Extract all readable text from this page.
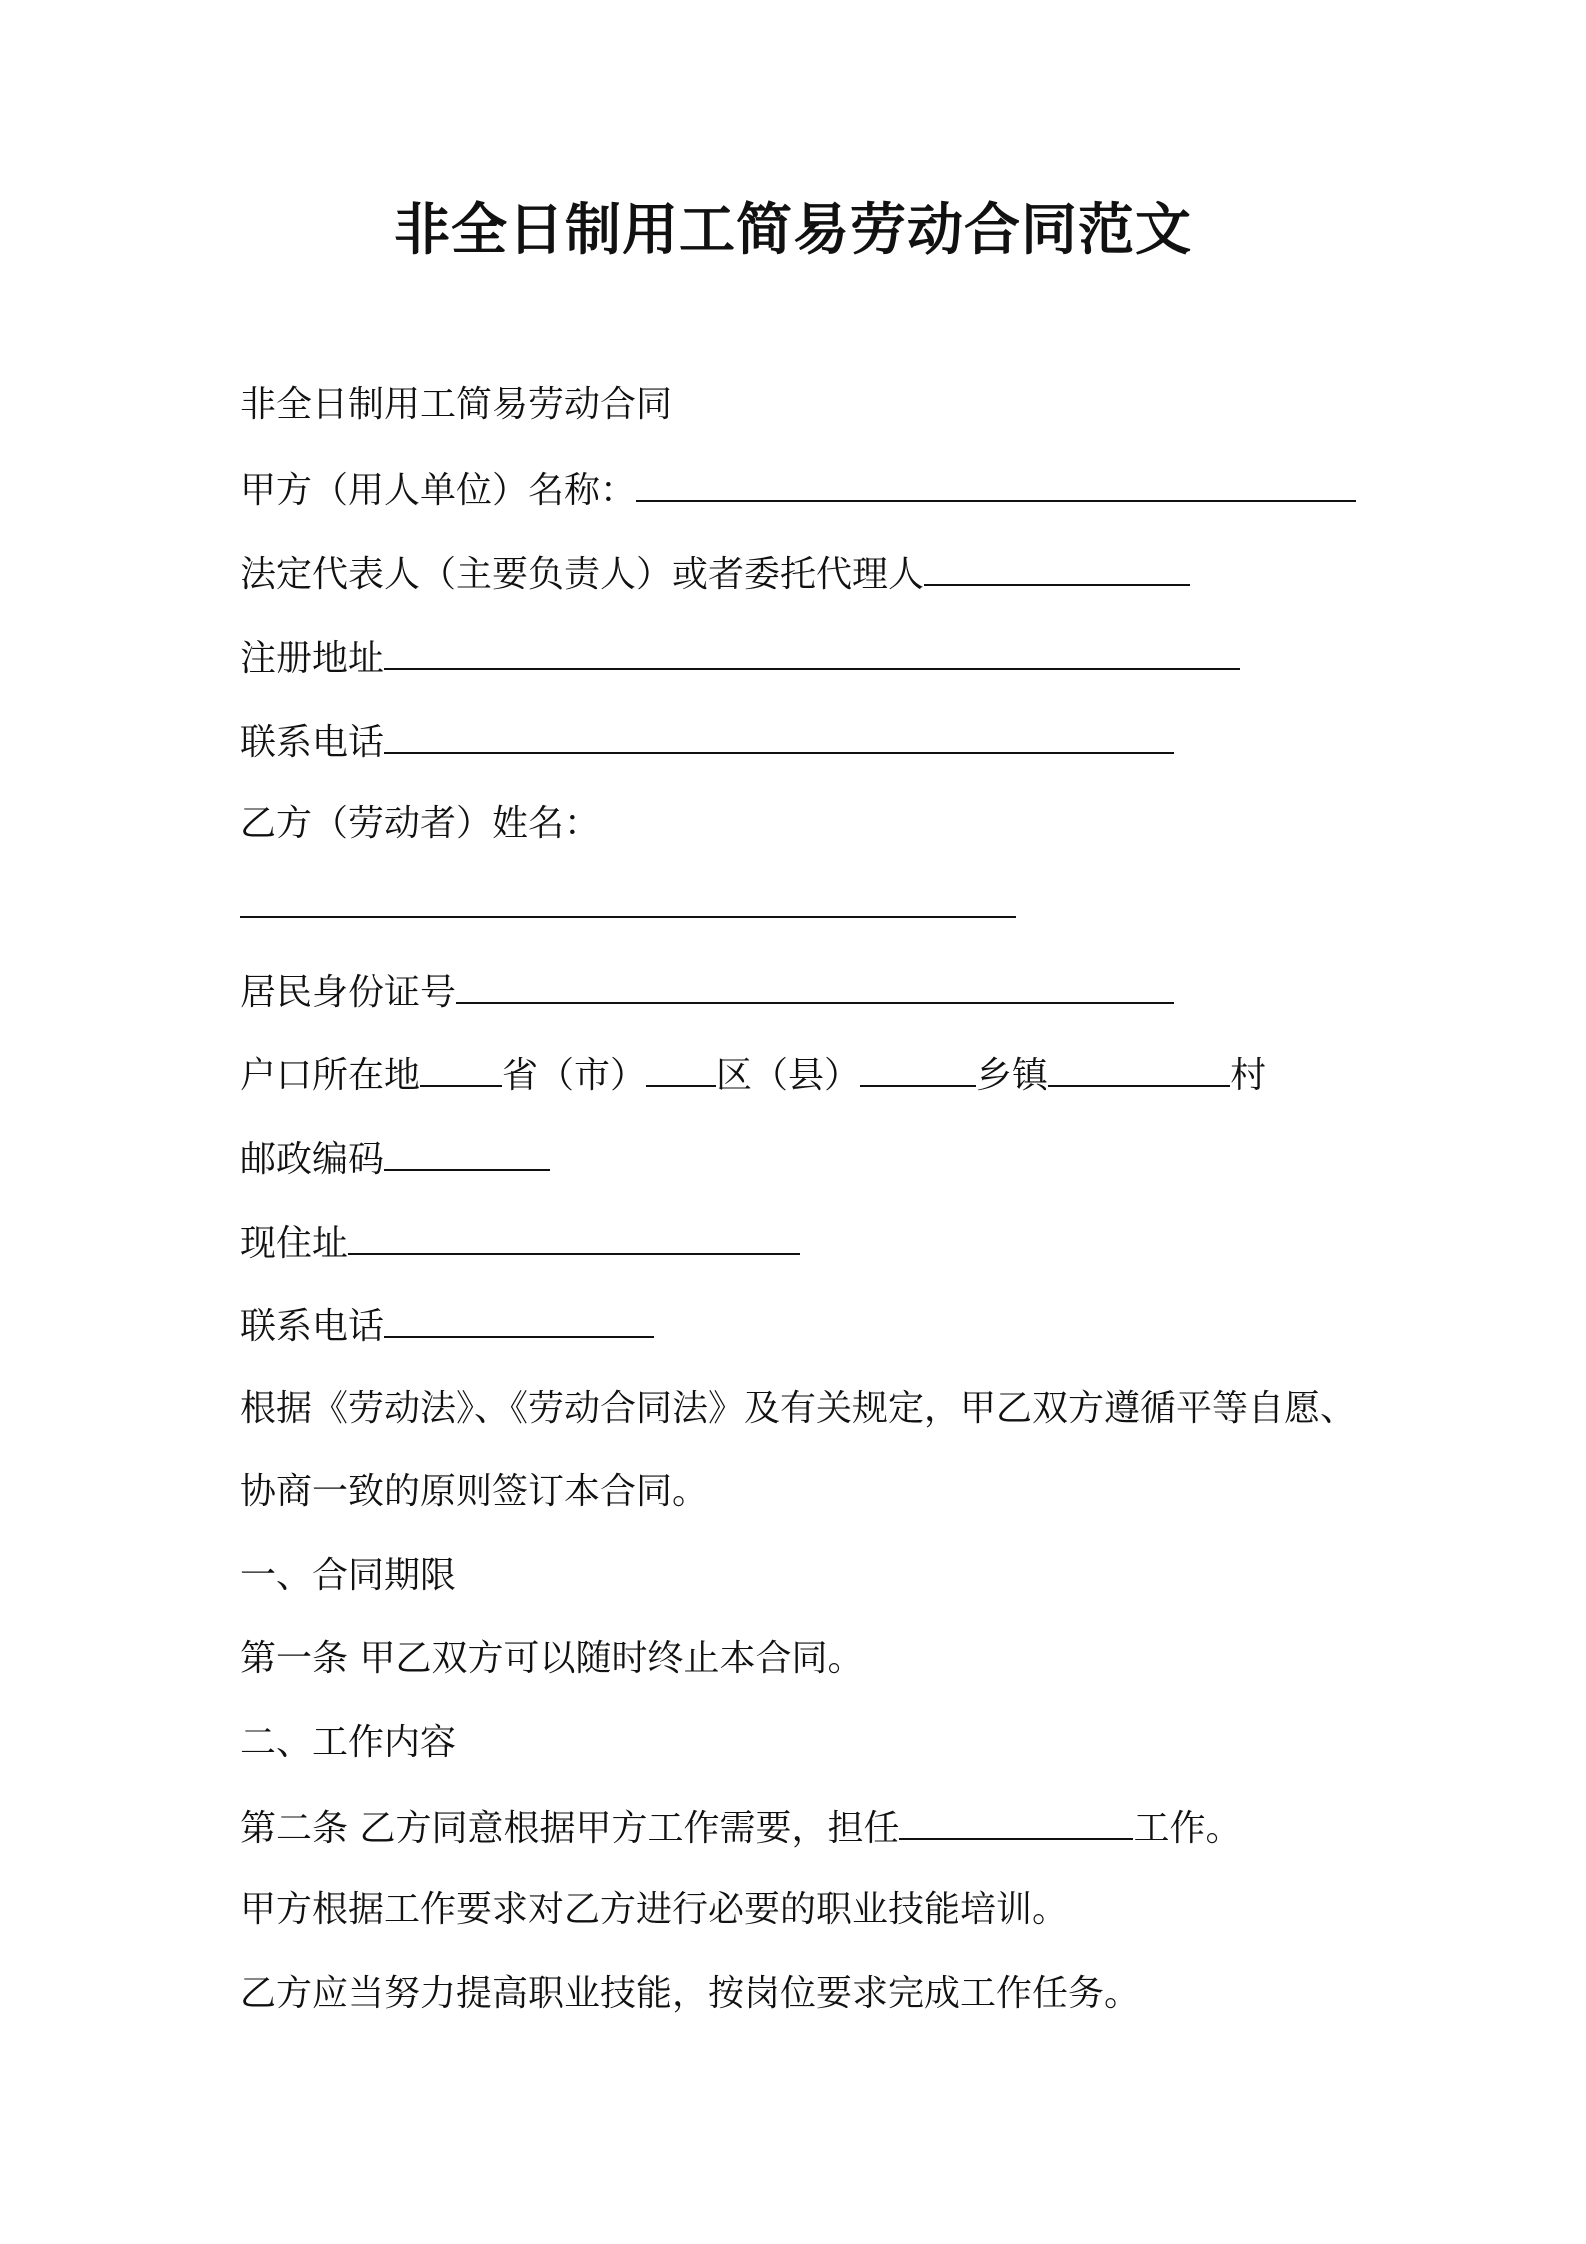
非全日制用工简易劳动合同范文
非全日制用工简易劳动合同
甲方（用人单位）名称：
法定代表人（主要负责人）或者委托代理人
注册地址
联系电话
乙方（劳动者）姓名：
居民身份证号
户口所在地 省（市） 区（县）	乡镇	村
邮政编码
现住址
联系电话
根据《劳动法》、《劳动合同法》及有关规定，甲乙双方遵循平等自愿、
协商一致的原则签订本合同。
一、合同期限
第一条 甲乙双方可以随时终止本合同。
二、工作内容
第二条 乙方同意根据甲方工作需要，担任	工作。
甲方根据工作要求对乙方进行必要的职业技能培训。
乙方应当努力提高职业技能，按岗位要求完成工作任务。
